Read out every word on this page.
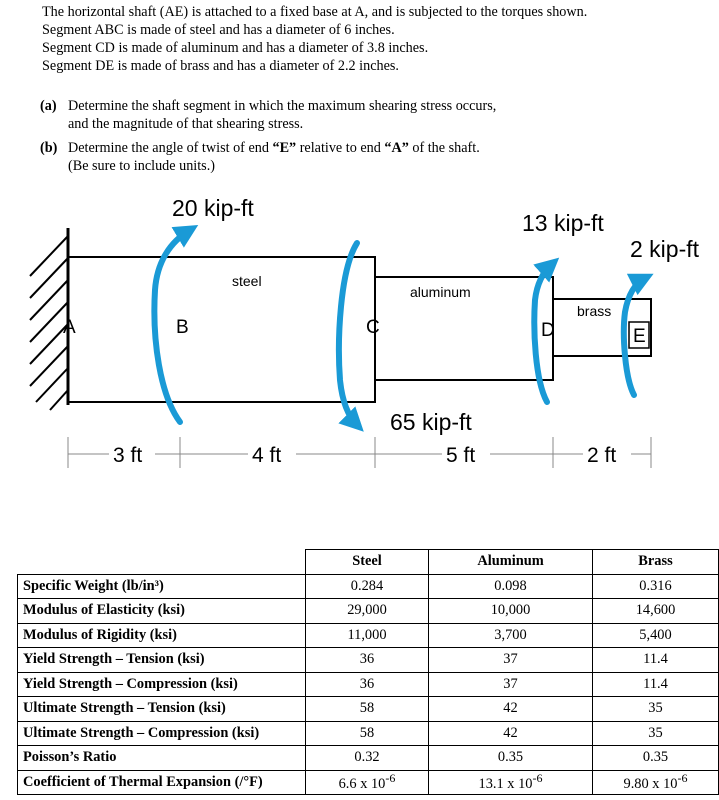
The horizontal shaft (AE) is attached to a fixed base at A, and is subjected to the torques shown.
Segment ABC is made of steel and has a diameter of 6 inches.
Segment CD is made of aluminum and has a diameter of 3.8 inches.
Segment DE is made of brass and has a diameter of 2.2 inches.
(a) Determine the shaft segment in which the maximum shearing stress occurs,
and the magnitude of that shearing stress.
(b) Determine the angle of twist of end “E” relative to end “A” of the shaft.
(Be sure to include units.)
steel
aluminum
brass
A	B	C	D	E
20 kip-ft
65 kip-ft
13 kip-ft
2 kip-ft
3 ft	4 ft	5 ft	2 ft
	Steel	Aluminum	Brass
Specific Weight (lb/in³)	0.284	0.098	0.316
Modulus of Elasticity (ksi)	29,000	10,000	14,600
Modulus of Rigidity (ksi)	11,000	3,700	5,400
Yield Strength – Tension (ksi)	36	37	11.4
Yield Strength – Compression (ksi)	36	37	11.4
Ultimate Strength – Tension (ksi)	58	42	35
Ultimate Strength – Compression (ksi)	58	42	35
Poisson’s Ratio	0.32	0.35	0.35
Coefficient of Thermal Expansion (/°F)	6.6 x $10^{-6}$	13.1 x $10^{-6}$	9.80 x $10^{-6}$
